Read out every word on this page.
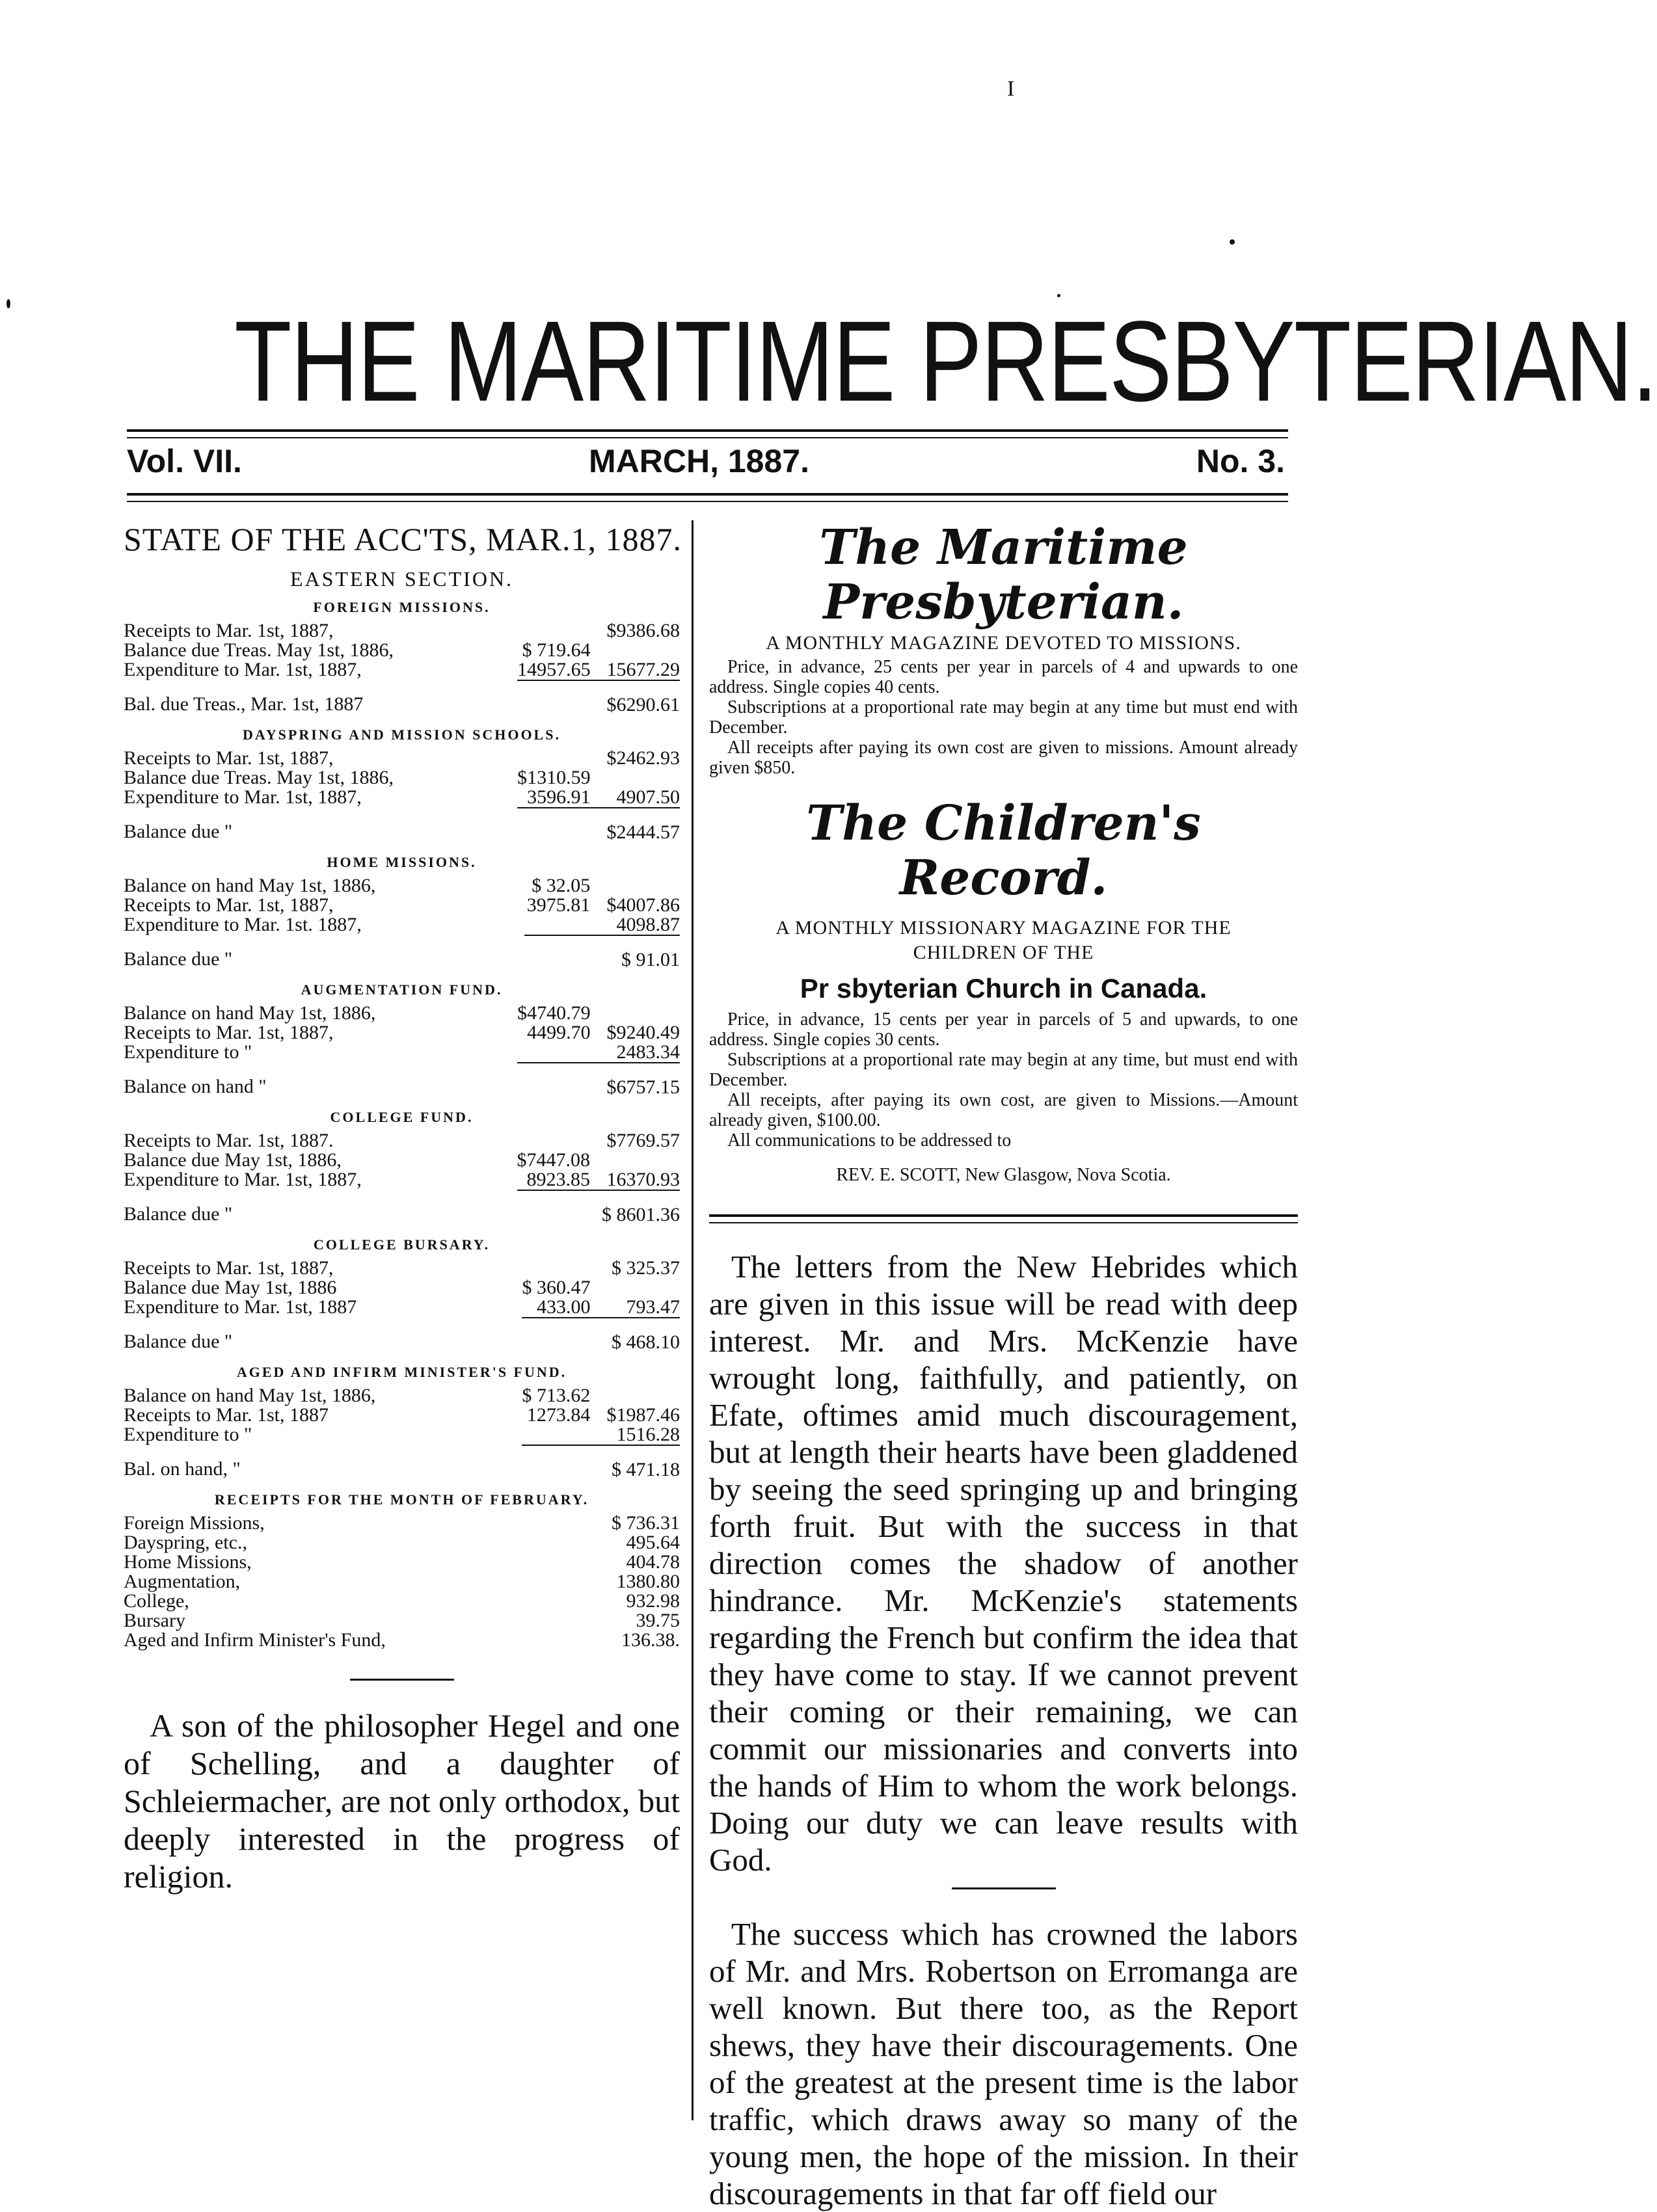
I
THE MARITIME PRESBYTERIAN.
Vol. VII.	MARCH, 1887.	No. 3.
STATE OF THE ACC'TS, MAR.1, 1887.
EASTERN SECTION.
FOREIGN MISSIONS.
Receipts to Mar. 1st, 1887,		$9386.68
Balance due Treas. May 1st, 1886,	$ 719.64	
Expenditure to Mar. 1st, 1887,	14957.65	15677.29
Bal. due Treas., Mar. 1st, 1887		$6290.61
DAYSPRING AND MISSION SCHOOLS.
Receipts to Mar. 1st, 1887,		$2462.93
Balance due Treas. May 1st, 1886,	$1310.59	
Expenditure to Mar. 1st, 1887,	3596.91	4907.50
Balance due "		$2444.57
HOME MISSIONS.
Balance on hand May 1st, 1886,	$ 32.05	
Receipts to Mar. 1st, 1887,	3975.81	$4007.86
Expenditure to Mar. 1st. 1887,		4098.87
Balance due "		$ 91.01
AUGMENTATION FUND.
Balance on hand May 1st, 1886,	$4740.79	
Receipts to Mar. 1st, 1887,	4499.70	$9240.49
Expenditure to "		2483.34
Balance on hand "		$6757.15
COLLEGE FUND.
Receipts to Mar. 1st, 1887.		$7769.57
Balance due May 1st, 1886,	$7447.08	
Expenditure to Mar. 1st, 1887,	8923.85	16370.93
Balance due "		$ 8601.36
COLLEGE BURSARY.
Receipts to Mar. 1st, 1887,		$ 325.37
Balance due May 1st, 1886	$ 360.47	
Expenditure to Mar. 1st, 1887	433.00	793.47
Balance due "		$ 468.10
AGED AND INFIRM MINISTER'S FUND.
Balance on hand May 1st, 1886,	$ 713.62	
Receipts to Mar. 1st, 1887	1273.84	$1987.46
Expenditure to "		1516.28
Bal. on hand, "		$ 471.18
RECEIPTS FOR THE MONTH OF FEBRUARY.
Foreign Missions,	$ 736.31
Dayspring, etc.,	495.64
Home Missions,	404.78
Augmentation,	1380.80
College,	932.98
Bursary	39.75
Aged and Infirm Minister's Fund,	136.38.

A son of the philosopher Hegel and one of Schelling, and a daughter of Schleiermacher, are not only orthodox, but deeply interested in the progress of religion.

The Maritime Presbyterian.
A MONTHLY MAGAZINE DEVOTED TO MISSIONS.

Price, in advance, 25 cents per year in parcels of 4 and upwards to one address. Single copies 40 cents.

Subscriptions at a proportional rate may begin at any time but must end with December.

All receipts after paying its own cost are given to missions. Amount already given $850.

The Children's Record.
A MONTHLY MISSIONARY MAGAZINE FOR THE
CHILDREN OF THE
Pr sbyterian Church in Canada.

Price, in advance, 15 cents per year in parcels of 5 and upwards, to one address. Single copies 30 cents.

Subscriptions at a proportional rate may begin at any time, but must end with December.

All receipts, after paying its own cost, are given to Missions.—Amount already given, $100.00.

All communications to be addressed to

REV. E. SCOTT, New Glasgow, Nova Scotia.

The letters from the New Hebrides which are given in this issue will be read with deep interest. Mr. and Mrs. McKenzie have wrought long, faithfully, and patiently, on Efate, oftimes amid much discouragement, but at length their hearts have been gladdened by seeing the seed springing up and bringing forth fruit. But with the success in that direction comes the shadow of another hindrance. Mr. McKenzie's statements regarding the French but confirm the idea that they have come to stay. If we cannot prevent their coming or their remaining, we can commit our missionaries and converts into the hands of Him to whom the work belongs. Doing our duty we can leave results with God.

The success which has crowned the labors of Mr. and Mrs. Robertson on Erromanga are well known. But there too, as the Report shews, they have their discouragements. One of the greatest at the present time is the labor traffic, which draws away so many of the young men, the hope of the mission. In their discouragements in that far off field our
